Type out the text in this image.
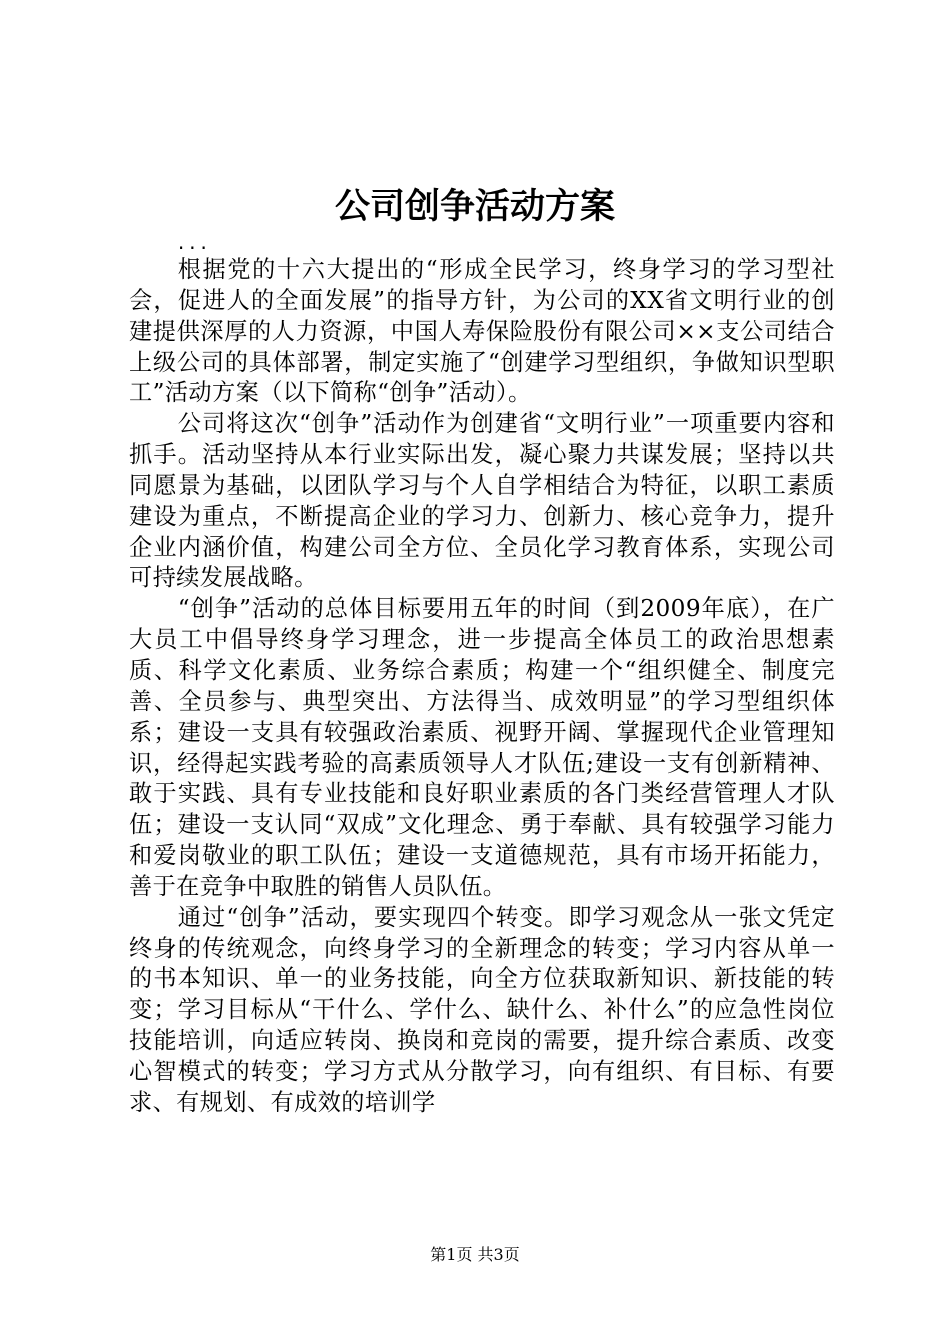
公司创争活动方案
...

根据党的十六大提出的“形成全民学习，终身学习的学习型社会，促进人的全面发展”的指导方针，为公司的XX省文明行业的创建提供深厚的人力资源，中国人寿保险股份有限公司××支公司结合上级公司的具体部署，制定实施了“创建学习型组织，争做知识型职工”活动方案（以下简称“创争”活动）。

公司将这次“创争”活动作为创建省“文明行业”一项重要内容和抓手。活动坚持从本行业实际出发，凝心聚力共谋发展；坚持以共同愿景为基础，以团队学习与个人自学相结合为特征，以职工素质建设为重点，不断提高企业的学习力、创新力、核心竞争力，提升企业内涵价值，构建公司全方位、全员化学习教育体系，实现公司可持续发展战略。

“创争”活动的总体目标要用五年的时间（到2009年底），在广大员工中倡导终身学习理念，进一步提高全体员工的政治思想素质、科学文化素质、业务综合素质；构建一个“组织健全、制度完善、全员参与、典型突出、方法得当、成效明显”的学习型组织体系；建设一支具有较强政治素质、视野开阔、掌握现代企业管理知识，经得起实践考验的高素质领导人才队伍;建设一支有创新精神、敢于实践、具有专业技能和良好职业素质的各门类经营管理人才队伍；建设一支认同“双成”文化理念、勇于奉献、具有较强学习能力和爱岗敬业的职工队伍；建设一支道德规范，具有市场开拓能力，善于在竞争中取胜的销售人员队伍。

通过“创争”活动，要实现四个转变。即学习观念从一张文凭定终身的传统观念，向终身学习的全新理念的转变；学习内容从单一的书本知识、单一的业务技能，向全方位获取新知识、新技能的转变；学习目标从“干什么、学什么、缺什么、补什么”的应急性岗位技能培训，向适应转岗、换岗和竞岗的需要，提升综合素质、改变心智模式的转变；学习方式从分散学习，向有组织、有目标、有要求、有规划、有成效的培训学

第1页 共3页
